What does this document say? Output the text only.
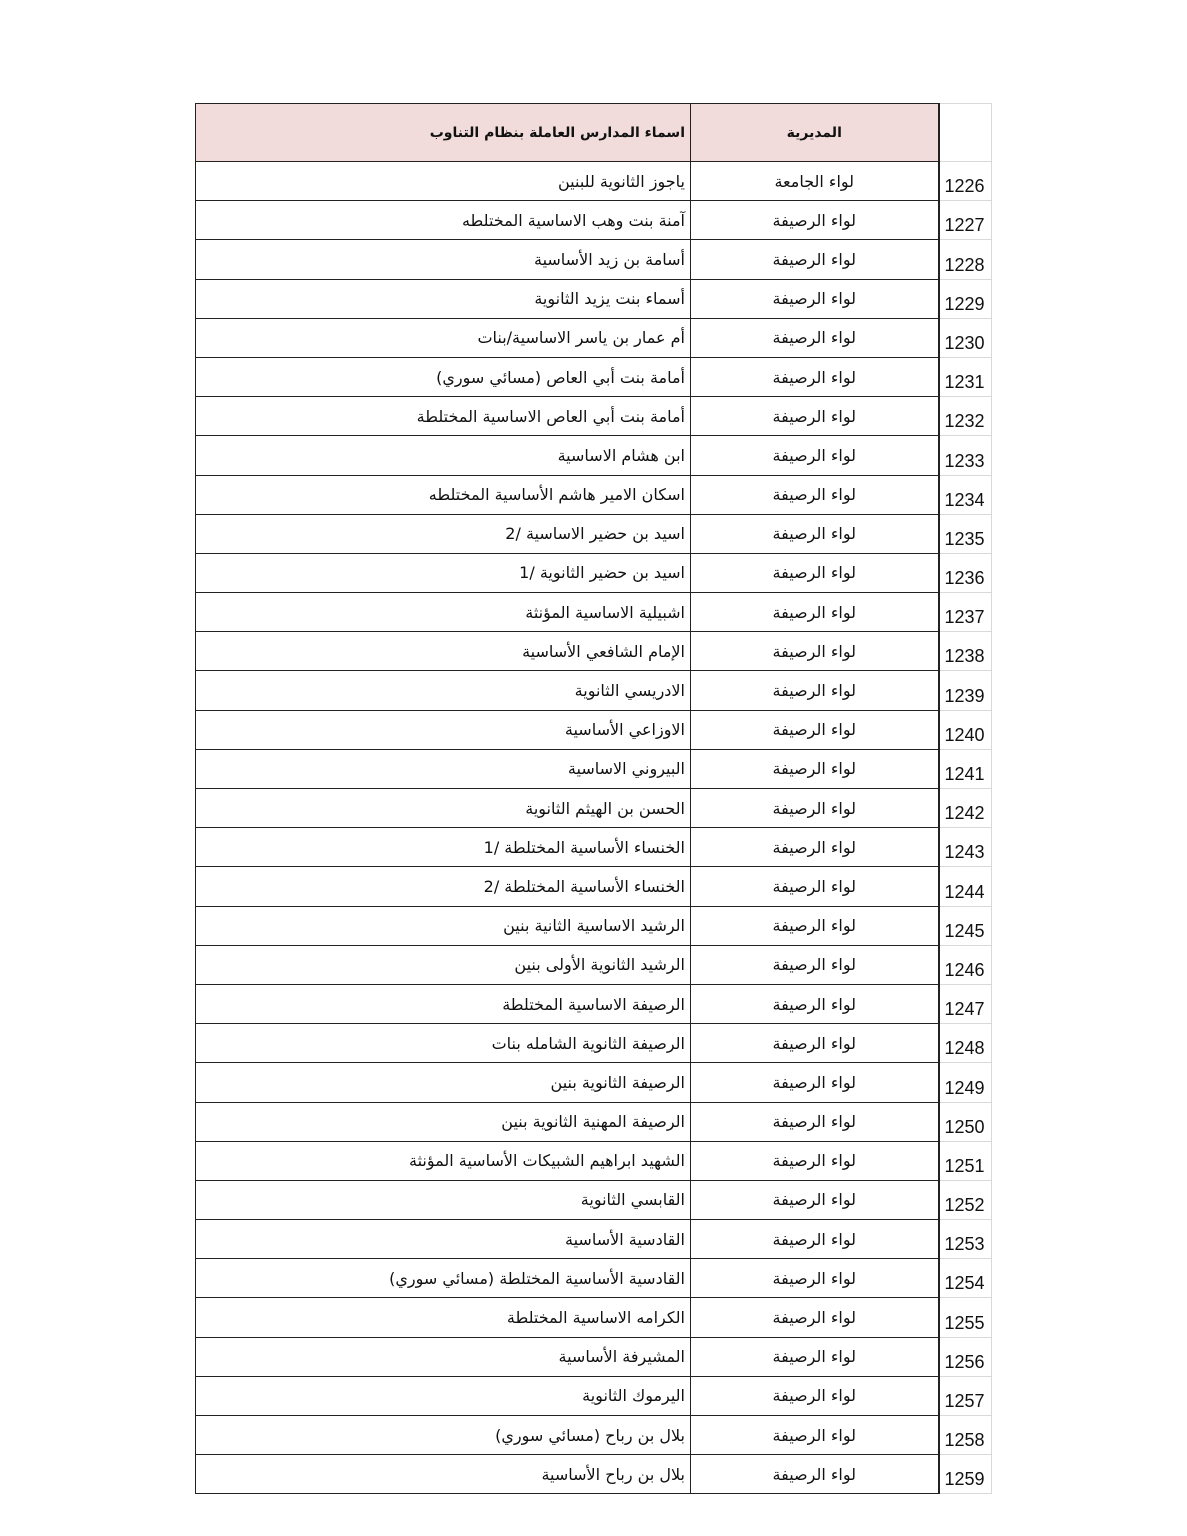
اسماء المدارس العاملة بنظام التناوب	المديرية	
ياجوز الثانوية للبنين	لواء الجامعة	1226
آمنة بنت وهب الاساسية المختلطه	لواء الرصيفة	1227
أسامة بن زيد الأساسية	لواء الرصيفة	1228
أسماء بنت يزيد الثانوية	لواء الرصيفة	1229
أم عمار بن ياسر الاساسية/بنات	لواء الرصيفة	1230
أمامة بنت أبي العاص (مسائي سوري)	لواء الرصيفة	1231
أمامة بنت أبي العاص الاساسية المختلطة	لواء الرصيفة	1232
ابن هشام الاساسية	لواء الرصيفة	1233
اسكان الامير هاشم الأساسية المختلطه	لواء الرصيفة	1234
اسيد بن حضير الاساسية /2	لواء الرصيفة	1235
اسيد بن حضير الثانوية /1	لواء الرصيفة	1236
اشبيلية الاساسية المؤنثة	لواء الرصيفة	1237
الإمام الشافعي الأساسية	لواء الرصيفة	1238
الادريسي الثانوية	لواء الرصيفة	1239
الاوزاعي الأساسية	لواء الرصيفة	1240
البيروني الاساسية	لواء الرصيفة	1241
الحسن بن الهيثم الثانوية	لواء الرصيفة	1242
الخنساء الأساسية المختلطة /1	لواء الرصيفة	1243
الخنساء الأساسية المختلطة /2	لواء الرصيفة	1244
الرشيد الاساسية الثانية بنين	لواء الرصيفة	1245
الرشيد الثانوية الأولى بنين	لواء الرصيفة	1246
الرصيفة الاساسية المختلطة	لواء الرصيفة	1247
الرصيفة الثانوية الشامله بنات	لواء الرصيفة	1248
الرصيفة الثانوية بنين	لواء الرصيفة	1249
الرصيفة المهنية الثانوية بنين	لواء الرصيفة	1250
الشهيد ابراهيم الشبيكات الأساسية المؤنثة	لواء الرصيفة	1251
القابسي الثانوية	لواء الرصيفة	1252
القادسية الأساسية	لواء الرصيفة	1253
القادسية الأساسية المختلطة (مسائي سوري)	لواء الرصيفة	1254
الكرامه الاساسية المختلطة	لواء الرصيفة	1255
المشيرفة الأساسية	لواء الرصيفة	1256
اليرموك الثانوية	لواء الرصيفة	1257
بلال بن رباح (مسائي سوري)	لواء الرصيفة	1258
بلال بن رباح الأساسية	لواء الرصيفة	1259
